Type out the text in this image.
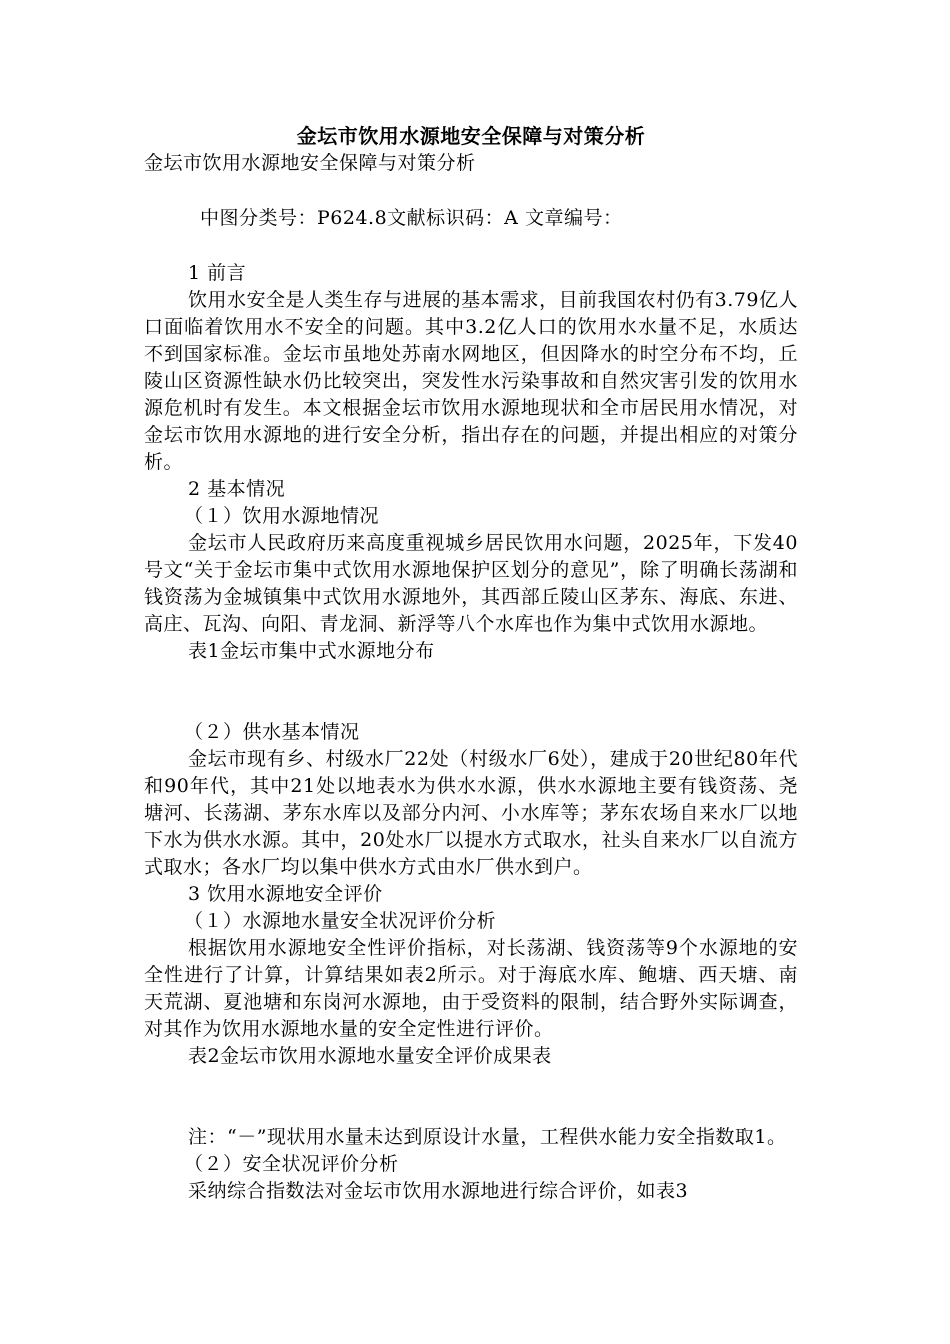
金坛市饮用水源地安全保障与对策分析

金坛市饮用水源地安全保障与对策分析

中图分类号：P624.8文献标识码：A 文章编号：

1 前言

饮用水安全是人类生存与进展的基本需求，目前我国农村仍有3.79亿人口面临着饮用水不安全的问题。其中3.2亿人口的饮用水水量不足，水质达不到国家标准。金坛市虽地处苏南水网地区，但因降水的时空分布不均，丘陵山区资源性缺水仍比较突出，突发性水污染事故和自然灾害引发的饮用水源危机时有发生。本文根据金坛市饮用水源地现状和全市居民用水情况，对金坛市饮用水源地的进行安全分析，指出存在的问题，并提出相应的对策分析。

2 基本情况

（１）饮用水源地情况

金坛市人民政府历来高度重视城乡居民饮用水问题，2025年，下发40号文“关于金坛市集中式饮用水源地保护区划分的意见”，除了明确长荡湖和钱资荡为金城镇集中式饮用水源地外，其西部丘陵山区茅东、海底、东进、高庄、瓦沟、向阳、青龙洞、新浮等八个水库也作为集中式饮用水源地。

表1金坛市集中式水源地分布

（２）供水基本情况

金坛市现有乡、村级水厂22处（村级水厂6处），建成于20世纪80年代和90年代，其中21处以地表水为供水水源，供水水源地主要有钱资荡、尧塘河、长荡湖、茅东水库以及部分内河、小水库等；茅东农场自来水厂以地下水为供水水源。其中，20处水厂以提水方式取水，社头自来水厂以自流方式取水；各水厂均以集中供水方式由水厂供水到户。

3 饮用水源地安全评价

（１）水源地水量安全状况评价分析

根据饮用水源地安全性评价指标，对长荡湖、钱资荡等9个水源地的安全性进行了计算，计算结果如表2所示。对于海底水库、鲍塘、西天塘、南天荒湖、夏池塘和东岗河水源地，由于受资料的限制，结合野外实际调查，对其作为饮用水源地水量的安全定性进行评价。

表2金坛市饮用水源地水量安全评价成果表

注：“－”现状用水量未达到原设计水量，工程供水能力安全指数取1。

（２）安全状况评价分析

采纳综合指数法对金坛市饮用水源地进行综合评价，如表3
